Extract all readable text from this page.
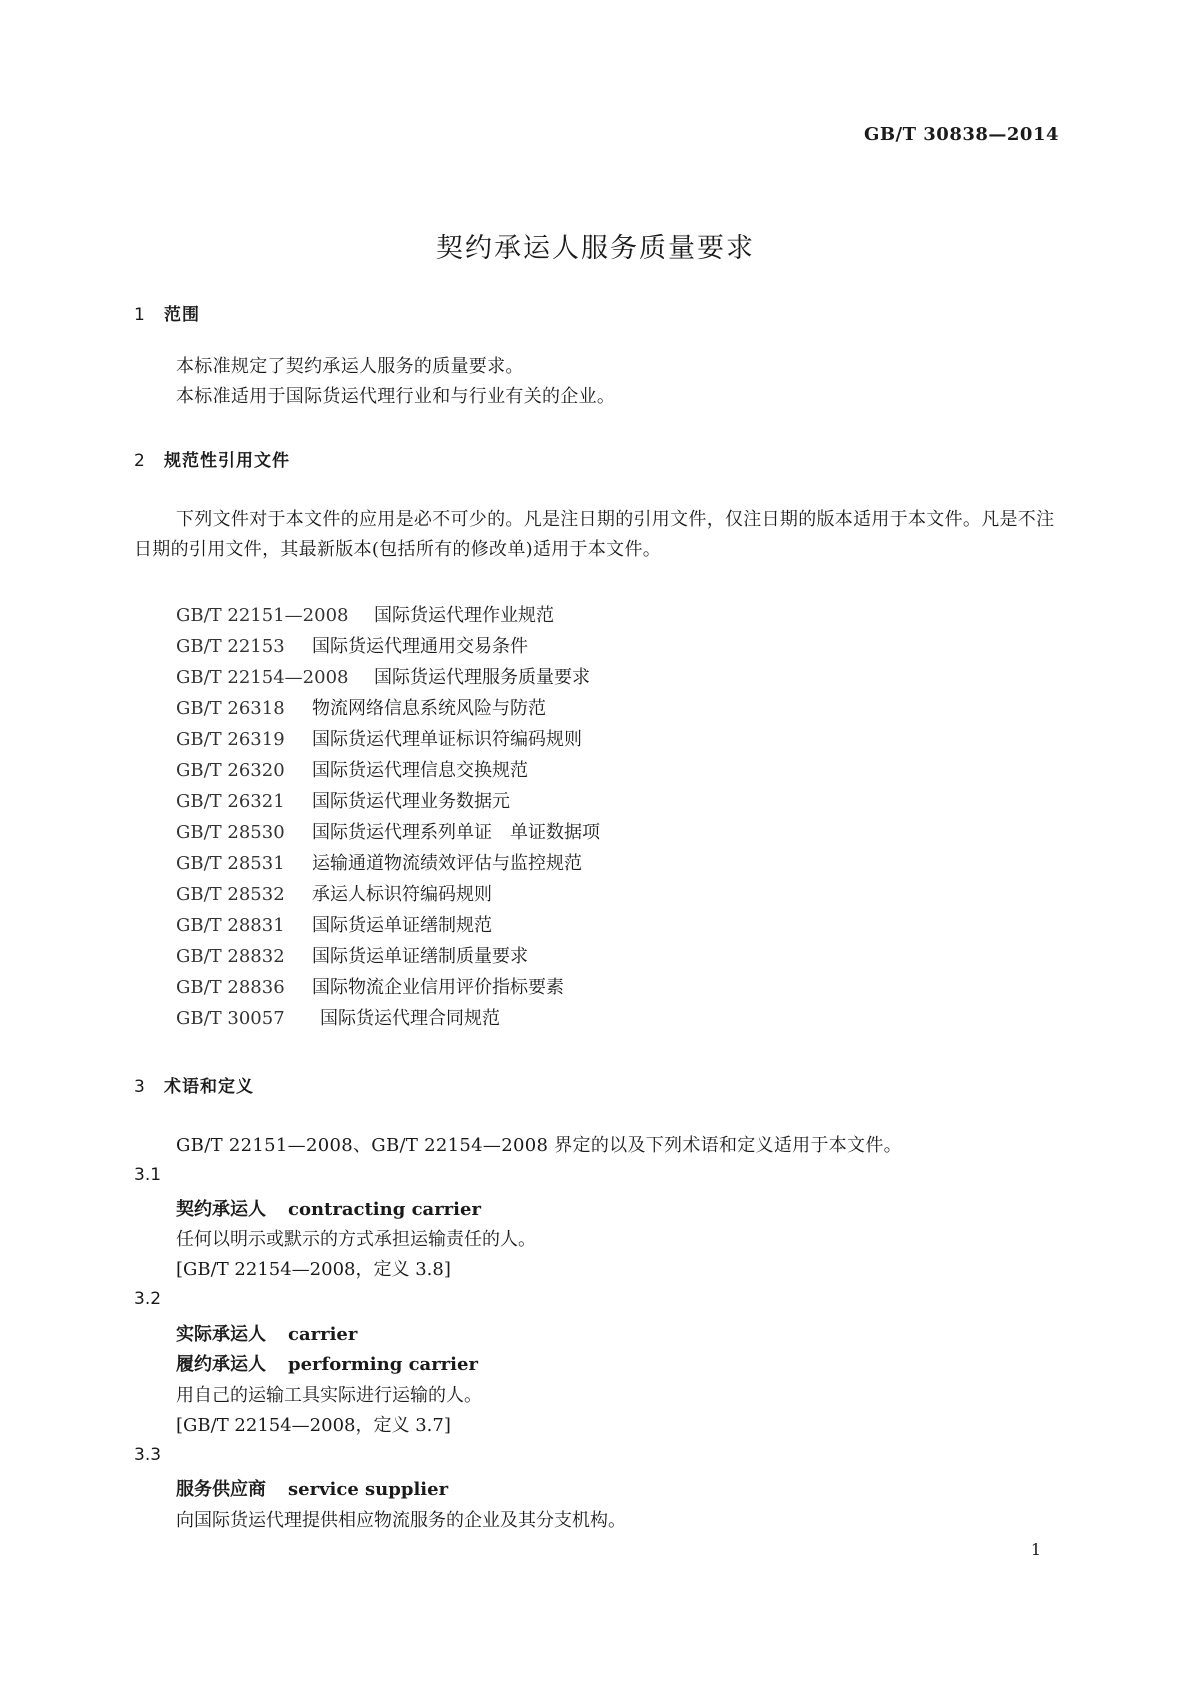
GB/T 30838—2014
契约承运人服务质量要求
1 范围
本标准规定了契约承运人服务的质量要求。
本标准适用于国际货运代理行业和与行业有关的企业。
2 规范性引用文件
下列文件对于本文件的应用是必不可少的。凡是注日期的引用文件，仅注日期的版本适用于本文件。凡是不注日期的引用文件，其最新版本(包括所有的修改单)适用于本文件。
GB/T 22151—2008 国际货运代理作业规范
GB/T 22153 国际货运代理通用交易条件
GB/T 22154—2008 国际货运代理服务质量要求
GB/T 26318 物流网络信息系统风险与防范
GB/T 26319 国际货运代理单证标识符编码规则
GB/T 26320 国际货运代理信息交换规范
GB/T 26321 国际货运代理业务数据元
GB/T 28530 国际货运代理系列单证　单证数据项
GB/T 28531 运输通道物流绩效评估与监控规范
GB/T 28532 承运人标识符编码规则
GB/T 28831 国际货运单证缮制规范
GB/T 28832 国际货运单证缮制质量要求
GB/T 28836 国际物流企业信用评价指标要素
GB/T 30057 国际货运代理合同规范
3 术语和定义
GB/T 22151—2008、GB/T 22154—2008 界定的以及下列术语和定义适用于本文件。
3.1
契约承运人 contracting carrier
任何以明示或默示的方式承担运输责任的人。
[GB/T 22154—2008，定义 3.8]
3.2
实际承运人 carrier
履约承运人 performing carrier
用自己的运输工具实际进行运输的人。
[GB/T 22154—2008，定义 3.7]
3.3
服务供应商 service supplier
向国际货运代理提供相应物流服务的企业及其分支机构。
1
